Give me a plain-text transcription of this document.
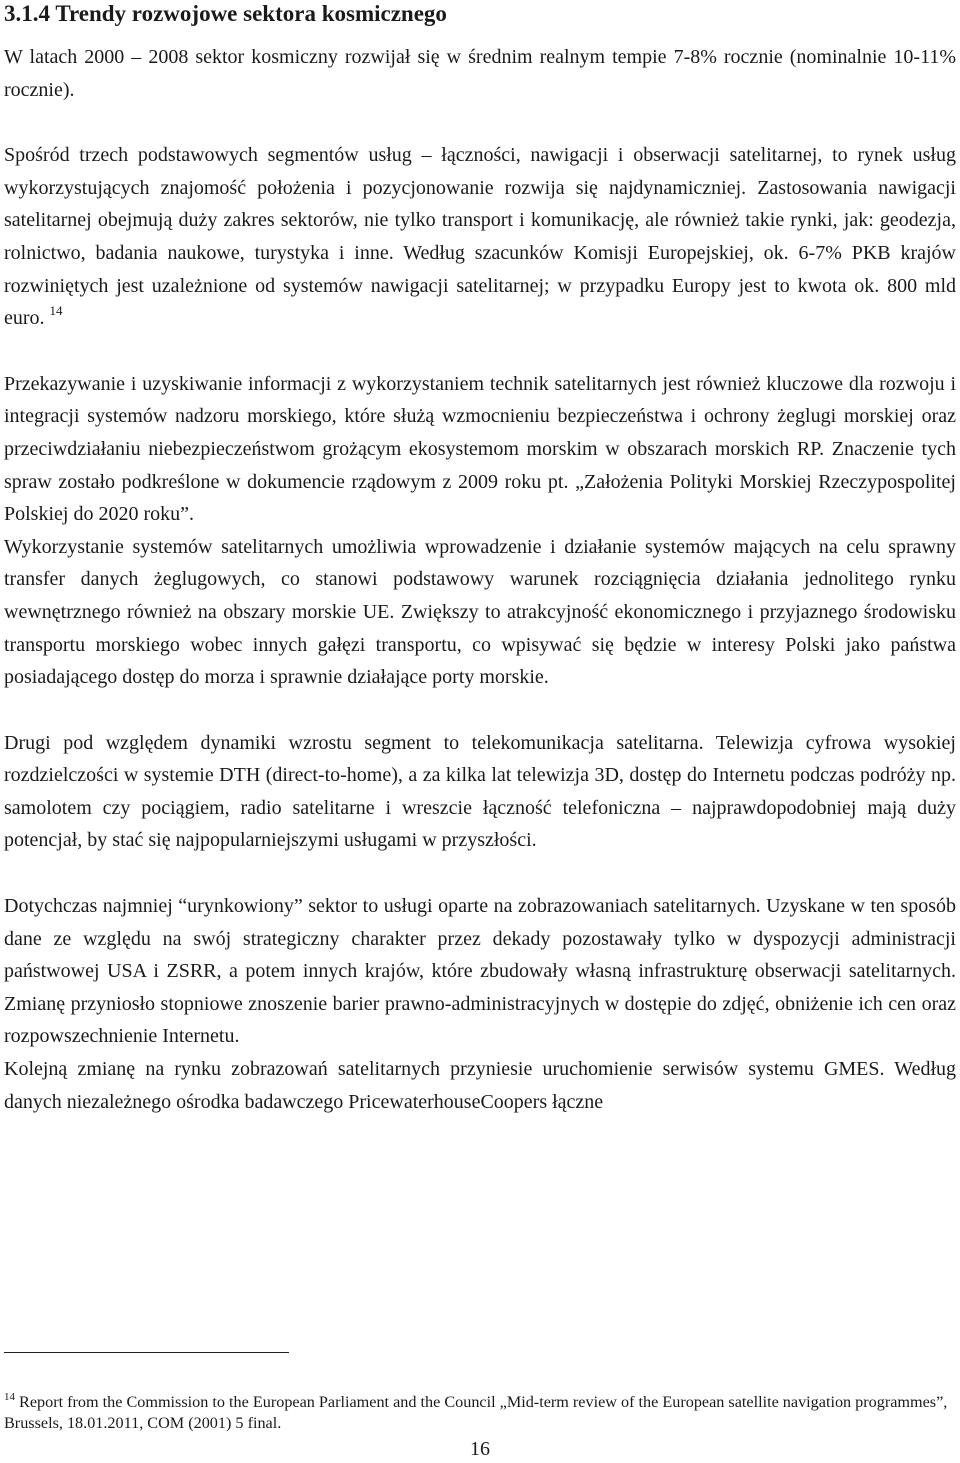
3.1.4 Trendy rozwojowe sektora kosmicznego

W latach 2000 – 2008 sektor kosmiczny rozwijał się w średnim realnym tempie 7-8% rocznie (nominalnie 10-11% rocznie).

Spośród trzech podstawowych segmentów usług – łączności, nawigacji i obserwacji satelitarnej, to rynek usług wykorzystujących znajomość położenia i pozycjonowanie rozwija się najdynamiczniej. Zastosowania nawigacji satelitarnej obejmują duży zakres sektorów, nie tylko transport i komunikację, ale również takie rynki, jak: geodezja, rolnictwo, badania naukowe, turystyka i inne. Według szacunków Komisji Europejskiej, ok. 6-7% PKB krajów rozwiniętych jest uzależnione od systemów nawigacji satelitarnej; w przypadku Europy jest to kwota ok. 800 mld euro. $^{14}$

Przekazywanie i uzyskiwanie informacji z wykorzystaniem technik satelitarnych jest również kluczowe dla rozwoju i integracji systemów nadzoru morskiego, które służą wzmocnieniu bezpieczeństwa i ochrony żeglugi morskiej oraz przeciwdziałaniu niebezpieczeństwom grożącym ekosystemom morskim w obszarach morskich RP. Znaczenie tych spraw zostało podkreślone w dokumencie rządowym z 2009 roku pt. „Założenia Polityki Morskiej Rzeczypospolitej Polskiej do 2020 roku”.

Wykorzystanie systemów satelitarnych umożliwia wprowadzenie i działanie systemów mających na celu sprawny transfer danych żeglugowych, co stanowi podstawowy warunek rozciągnięcia działania jednolitego rynku wewnętrznego również na obszary morskie UE. Zwiększy to atrakcyjność ekonomicznego i przyjaznego środowisku transportu morskiego wobec innych gałęzi transportu, co wpisywać się będzie w interesy Polski jako państwa posiadającego dostęp do morza i sprawnie działające porty morskie.

Drugi pod względem dynamiki wzrostu segment to telekomunikacja satelitarna. Telewizja cyfrowa wysokiej rozdzielczości w systemie DTH (direct-to-home), a za kilka lat telewizja 3D, dostęp do Internetu podczas podróży np. samolotem czy pociągiem, radio satelitarne i wreszcie łączność telefoniczna – najprawdopodobniej mają duży potencjał, by stać się najpopularniejszymi usługami w przyszłości.

Dotychczas najmniej “urynkowiony” sektor to usługi oparte na zobrazowaniach satelitarnych. Uzyskane w ten sposób dane ze względu na swój strategiczny charakter przez dekady pozostawały tylko w dyspozycji administracji państwowej USA i ZSRR, a potem innych krajów, które zbudowały własną infrastrukturę obserwacji satelitarnych. Zmianę przyniosło stopniowe znoszenie barier prawno-administracyjnych w dostępie do zdjęć, obniżenie ich cen oraz rozpowszechnienie Internetu.

Kolejną zmianę na rynku zobrazowań satelitarnych przyniesie uruchomienie serwisów systemu GMES. Według danych niezależnego ośrodka badawczego PricewaterhouseCoopers łączne

$^{14}$ Report from the Commission to the European Parliament and the Council „Mid-term review of the European satellite navigation programmes”, Brussels, 18.01.2011, COM (2001) 5 final.

16
